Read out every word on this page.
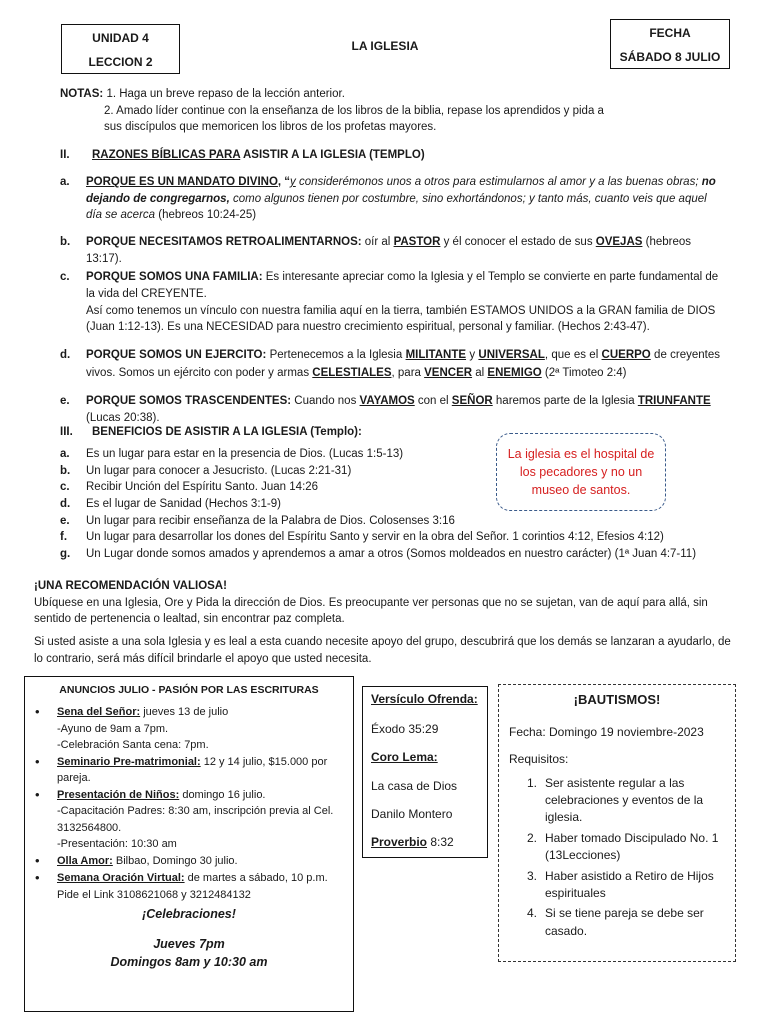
UNIDAD 4
LECCION 2
LA IGLESIA
FECHA
SÁBADO 8 JULIO
NOTAS: 1. Haga un breve repaso de la lección anterior.
2. Amado líder continue con la enseñanza de los libros de la biblia, repase los aprendidos y pida a
sus discípulos que memoricen los libros de los profetas mayores.
II. RAZONES BÍBLICAS PARA ASISTIR A LA IGLESIA (TEMPLO)
a.	PORQUE ES UN MANDATO DIVINO, “y considerémonos unos a otros para estimularnos al amor y a las buenas obras; no dejando de congregarnos, como algunos tienen por costumbre, sino exhortándonos; y tanto más, cuanto veis que aquel día se acerca (hebreos 10:24-25)
b.	PORQUE NECESITAMOS RETROALIMENTARNOS: oír al PASTOR y él conocer el estado de sus OVEJAS (hebreos 13:17).
c.	PORQUE SOMOS UNA FAMILIA: Es interesante apreciar como la Iglesia y el Templo se convierte en parte fundamental de la vida del CREYENTE.
Así como tenemos un vínculo con nuestra familia aquí en la tierra, también ESTAMOS UNIDOS a la GRAN familia de DIOS (Juan 1:12-13). Es una NECESIDAD para nuestro crecimiento espiritual, personal y familiar. (Hechos 2:43-47).
d.	PORQUE SOMOS UN EJERCITO: Pertenecemos a la Iglesia MILITANTE y UNIVERSAL, que es el CUERPO de creyentes vivos. Somos un ejército con poder y armas CELESTIALES, para VENCER al ENEMIGO (2ª Timoteo 2:4)
e.	PORQUE SOMOS TRASCENDENTES: Cuando nos VAYAMOS con el SEÑOR haremos parte de la Iglesia TRIUNFANTE (Lucas 20:38).
III. BENEFICIOS DE ASISTIR A LA IGLESIA (Templo):
a.	Es un lugar para estar en la presencia de Dios. (Lucas 1:5-13)
b.	Un lugar para conocer a Jesucristo. (Lucas 2:21-31)
c.	Recibir Unción del Espíritu Santo. Juan 14:26
d.	Es el lugar de Sanidad (Hechos 3:1-9)
e.	Un lugar para recibir enseñanza de la Palabra de Dios. Colosenses 3:16
f.	Un lugar para desarrollar los dones del Espíritu Santo y servir en la obra del Señor. 1 corintios 4:12, Efesios 4:12)
g.	Un Lugar donde somos amados y aprendemos a amar a otros (Somos moldeados en nuestro carácter) (1ª Juan 4:7-11)
La iglesia es el hospital de los pecadores y no un museo de santos.
¡UNA RECOMENDACIÓN VALIOSA!
Ubíquese en una Iglesia, Ore y Pida la dirección de Dios. Es preocupante ver personas que no se sujetan, van de aquí para allá, sin sentido de pertenencia o lealtad, sin encontrar paz completa.
Si usted asiste a una sola Iglesia y es leal a esta cuando necesite apoyo del grupo, descubrirá que los demás se lanzaran a ayudarlo, de lo contrario, será más difícil brindarle el apoyo que usted necesita.
ANUNCIOS JULIO - PASIÓN POR LAS ESCRITURAS
•	Sena del Señor: jueves 13 de julio
-Ayuno de 9am a 7pm.
-Celebración Santa cena: 7pm.
•	Seminario Pre-matrimonial: 12 y 14 julio, $15.000 por pareja.
•	Presentación de Niños: domingo 16 julio.
-Capacitación Padres: 8:30 am, inscripción previa al Cel. 3132564800.
-Presentación: 10:30 am
•	Olla Amor: Bilbao, Domingo 30 julio.
•	Semana Oración Virtual: de martes a sábado, 10 p.m.
Pide el Link 3108621068 y 3212484132
¡Celebraciones!
Jueves 7pm
Domingos 8am y 10:30 am
Versículo Ofrenda:
Éxodo 35:29
Coro Lema:
La casa de Dios
Danilo Montero
Proverbio 8:32
¡BAUTISMOS!
Fecha: Domingo 19 noviembre-2023
Requisitos:
1. Ser asistente regular a las celebraciones y eventos de la iglesia.
2. Haber tomado Discipulado No. 1 (13Lecciones)
3. Haber asistido a Retiro de Hijos espirituales
4. Si se tiene pareja se debe ser casado.
